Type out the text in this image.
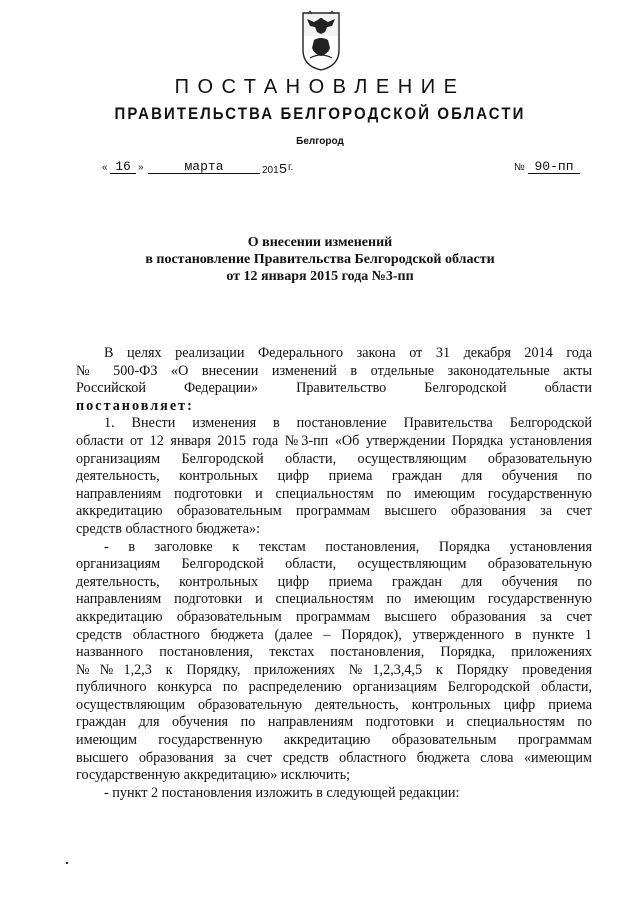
ПОСТАНОВЛЕНИЕ
ПРАВИТЕЛЬСТВА БЕЛГОРОДСКОЙ ОБЛАСТИ
Белгород
« 16 »	марта	2015 г.	№ 90-пп
О внесении изменений
в постановление Правительства Белгородской области
от 12 января 2015 года №3-пп

В целях реализации Федерального закона от 31 декабря 2014 года

№ 500-ФЗ «О внесении изменений в отдельные законодательные акты

Российской Федерации» Правительство Белгородской области

постановляет:

1. Внести изменения в постановление Правительства Белгородской

области от 12 января 2015 года №3-пп «Об утверждении Порядка установления

организациям Белгородской области, осуществляющим образовательную

деятельность, контрольных цифр приема граждан для обучения по

направлениям подготовки и специальностям по имеющим государственную

аккредитацию образовательным программам высшего образования за счет

средств областного бюджета»:

- в заголовке к текстам постановления, Порядка установления

организациям Белгородской области, осуществляющим образовательную

деятельность, контрольных цифр приема граждан для обучения по

направлениям подготовки и специальностям по имеющим государственную

аккредитацию образовательным программам высшего образования за счет

средств областного бюджета (далее – Порядок), утвержденного в пункте 1

названного постановления, текстах постановления, Порядка, приложениях

№№1,2,3 к Порядку, приложениях №1,2,3,4,5 к Порядку проведения

публичного конкурса по распределению организациям Белгородской области,

осуществляющим образовательную деятельность, контрольных цифр приема

граждан для обучения по направлениям подготовки и специальностям по

имеющим государственную аккредитацию образовательным программам

высшего образования за счет средств областного бюджета слова «имеющим

государственную аккредитацию» исключить;

- пункт 2 постановления изложить в следующей редакции:
